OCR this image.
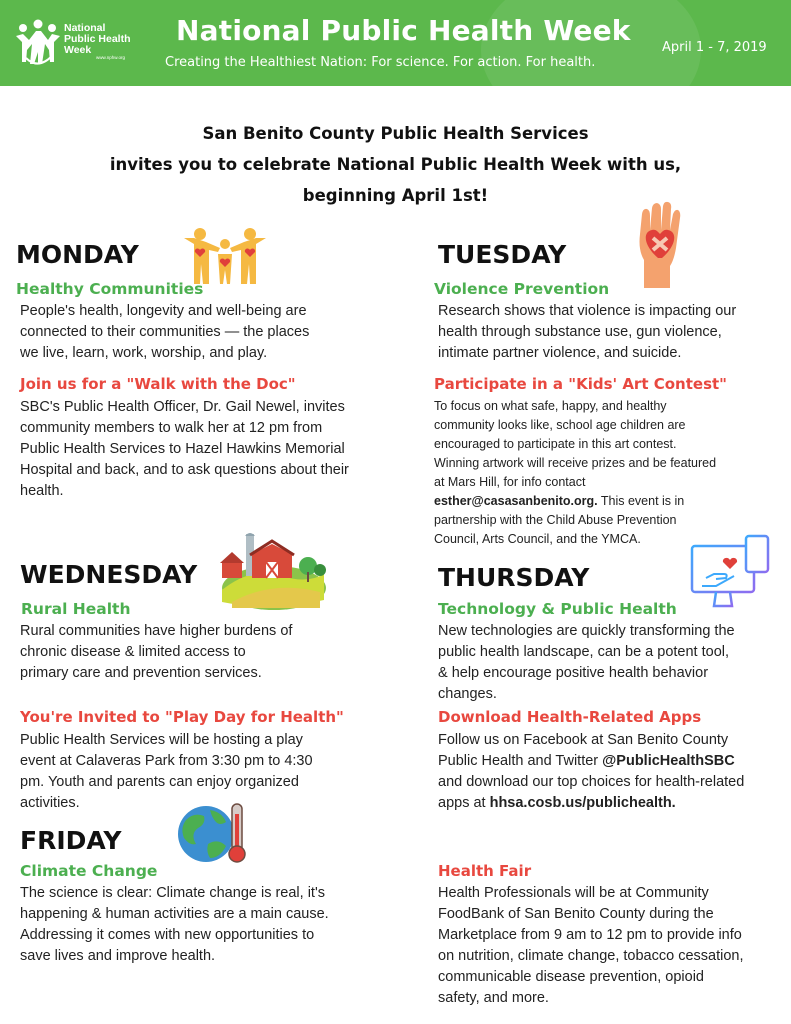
National
Public Health
Week
www.nphw.org
National Public Health Week
Creating the Healthiest Nation: For science. For action. For health.
April 1 - 7, 2019
San Benito County Public Health Services
invites you to celebrate National Public Health Week with us,
beginning April 1st!
MONDAY
Healthy Communities
People's health, longevity and well-being are
connected to their communities — the places
we live, learn, work, worship, and play.
Join us for a "Walk with the Doc"
SBC's Public Health Officer, Dr. Gail Newel, invites
community members to walk her at 12 pm from
Public Health Services to Hazel Hawkins Memorial
Hospital and back, and to ask questions about their
health.
TUESDAY
Violence Prevention
Research shows that violence is impacting our
health through substance use, gun violence,
intimate partner violence, and suicide.
Participate in a "Kids' Art Contest"
To focus on what safe, happy, and healthy
community looks like, school age children are
encouraged to participate in this art contest.
Winning artwork will receive prizes and be featured
at Mars Hill, for info contact
esther@casasanbenito.org. This event is in
partnership with the Child Abuse Prevention
Council, Arts Council, and the YMCA.
WEDNESDAY
Rural Health
Rural communities have higher burdens of
chronic disease & limited access to
primary care and prevention services.
You're Invited to "Play Day for Health"
Public Health Services will be hosting a play
event at Calaveras Park from 3:30 pm to 4:30
pm. Youth and parents can enjoy organized
activities.
THURSDAY
Technology & Public Health
New technologies are quickly transforming the
public health landscape, can be a potent tool,
& help encourage positive health behavior
changes.
Download Health-Related Apps
Follow us on Facebook at San Benito County
Public Health and Twitter @PublicHealthSBC
and download our top choices for health-related
apps at hhsa.cosb.us/publichealth.
FRIDAY
Climate Change
The science is clear: Climate change is real, it's
happening & human activities are a main cause.
Addressing it comes with new opportunities to
save lives and improve health.
Health Fair
Health Professionals will be at Community
FoodBank of San Benito County during the
Marketplace from 9 am to 12 pm to provide info
on nutrition, climate change, tobacco cessation,
communicable disease prevention, opioid
safety, and more.
